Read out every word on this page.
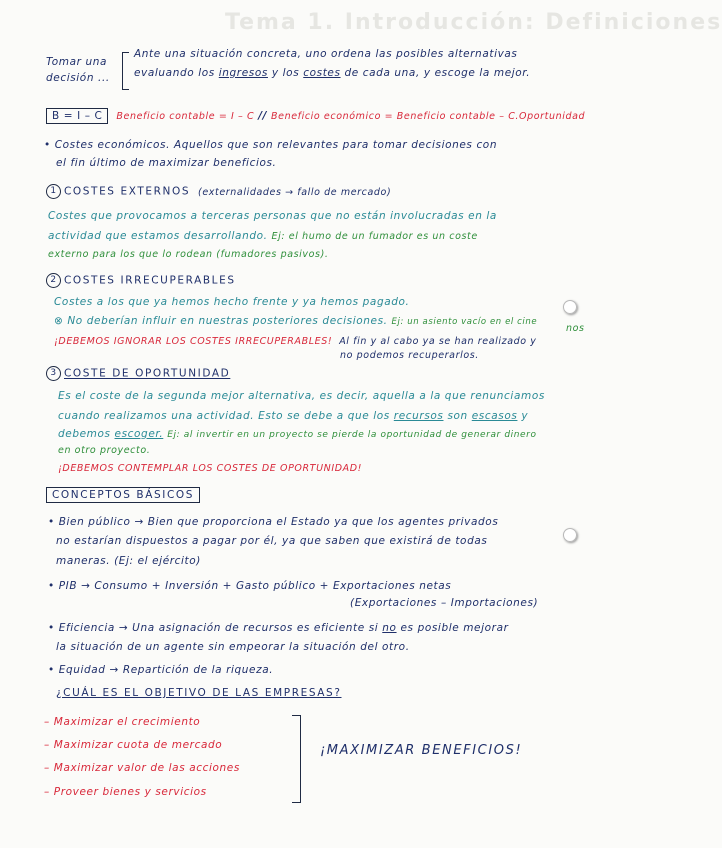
Tema 1. Introducción: Definiciones
Tomar una
decisión ...
Ante una situación concreta, uno ordena las posibles alternativas
evaluando los ingresos y los costes de cada una, y escoge la mejor.
B = I – C Beneficio contable = I – C // Beneficio económico = Beneficio contable – C.Oportunidad
• Costes económicos. Aquellos que son relevantes para tomar decisiones con
el fin último de maximizar beneficios.
1 COSTES EXTERNOS (externalidades → fallo de mercado)
Costes que provocamos a terceras personas que no están involucradas en la
actividad que estamos desarrollando. Ej: el humo de un fumador es un coste
externo para los que lo rodean (fumadores pasivos).
2 COSTES IRRECUPERABLES
Costes a los que ya hemos hecho frente y ya hemos pagado.
⊗ No deberían influir en nuestras posteriores decisiones. Ej: un asiento vacío en el cine
nos
¡DEBEMOS IGNORAR LOS COSTES IRRECUPERABLES! Al fin y al cabo ya se han realizado y
no podemos recuperarlos.
3 COSTE DE OPORTUNIDAD
Es el coste de la segunda mejor alternativa, es decir, aquella a la que renunciamos
cuando realizamos una actividad. Esto se debe a que los recursos son escasos y
debemos escoger. Ej: al invertir en un proyecto se pierde la oportunidad de generar dinero
en otro proyecto.
¡DEBEMOS CONTEMPLAR LOS COSTES DE OPORTUNIDAD!
CONCEPTOS BÁSICOS
• Bien público → Bien que proporciona el Estado ya que los agentes privados
no estarían dispuestos a pagar por él, ya que saben que existirá de todas
maneras. (Ej: el ejército)
• PIB → Consumo + Inversión + Gasto público + Exportaciones netas
(Exportaciones – Importaciones)
• Eficiencia → Una asignación de recursos es eficiente si no es posible mejorar
la situación de un agente sin empeorar la situación del otro.
• Equidad → Repartición de la riqueza.
¿CUÁL ES EL OBJETIVO DE LAS EMPRESAS?
– Maximizar el crecimiento
– Maximizar cuota de mercado
– Maximizar valor de las acciones
– Proveer bienes y servicios
¡MAXIMIZAR BENEFICIOS!
